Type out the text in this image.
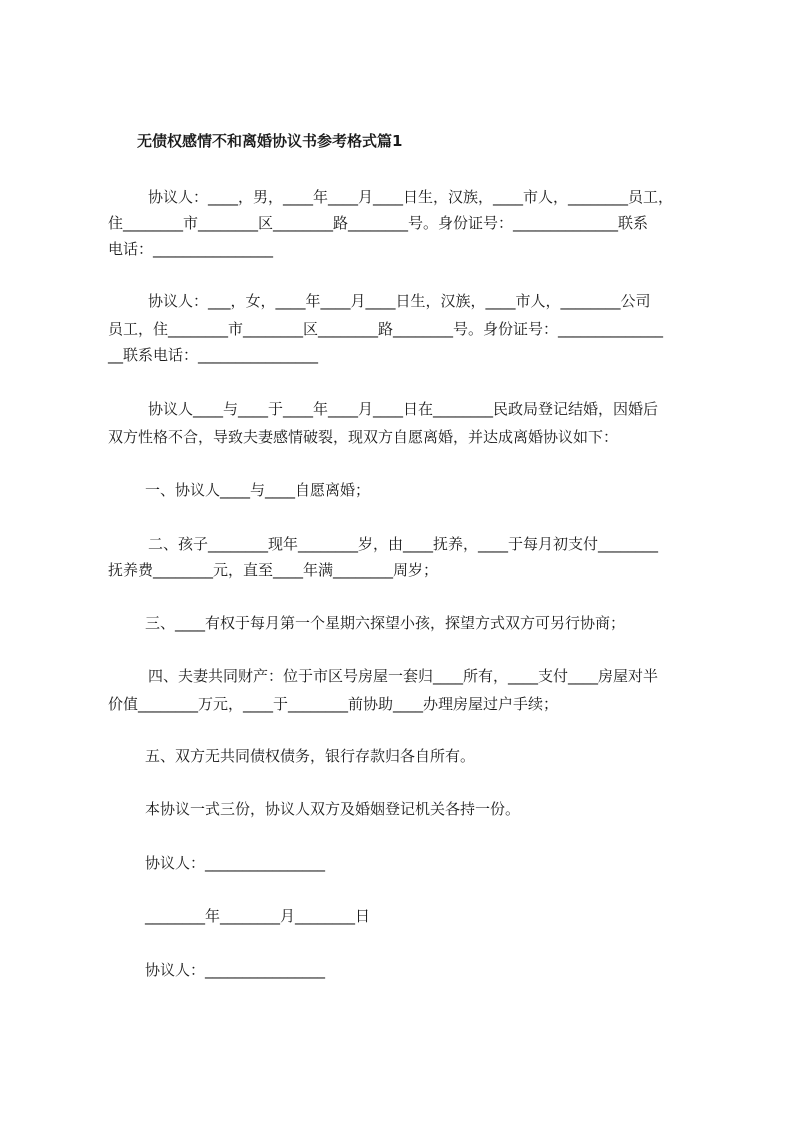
无债权感情不和离婚协议书参考格式篇1
协议人：____，男，____年____月____日生，汉族，____市人，________员工，
住________市________区________路________号。身份证号：______________联系
电话：________________
协议人：___，女，____年____月____日生，汉族，____市人，________公司
员工，住________市________区________路________号。身份证号：______________
__联系电话：________________
协议人____与____于____年____月____日在________民政局登记结婚，因婚后
双方性格不合，导致夫妻感情破裂，现双方自愿离婚，并达成离婚协议如下：
一、协议人____与____自愿离婚；
二、孩子________现年________岁，由____抚养，____于每月初支付________
抚养费________元，直至____年满________周岁；
三、____有权于每月第一个星期六探望小孩，探望方式双方可另行协商；
四、夫妻共同财产：位于市区号房屋一套归____所有，____支付____房屋对半
价值________万元，____于________前协助____办理房屋过户手续；
五、双方无共同债权债务，银行存款归各自所有。
本协议一式三份，协议人双方及婚姻登记机关各持一份。
协议人：________________
________年________月________日
协议人：________________
